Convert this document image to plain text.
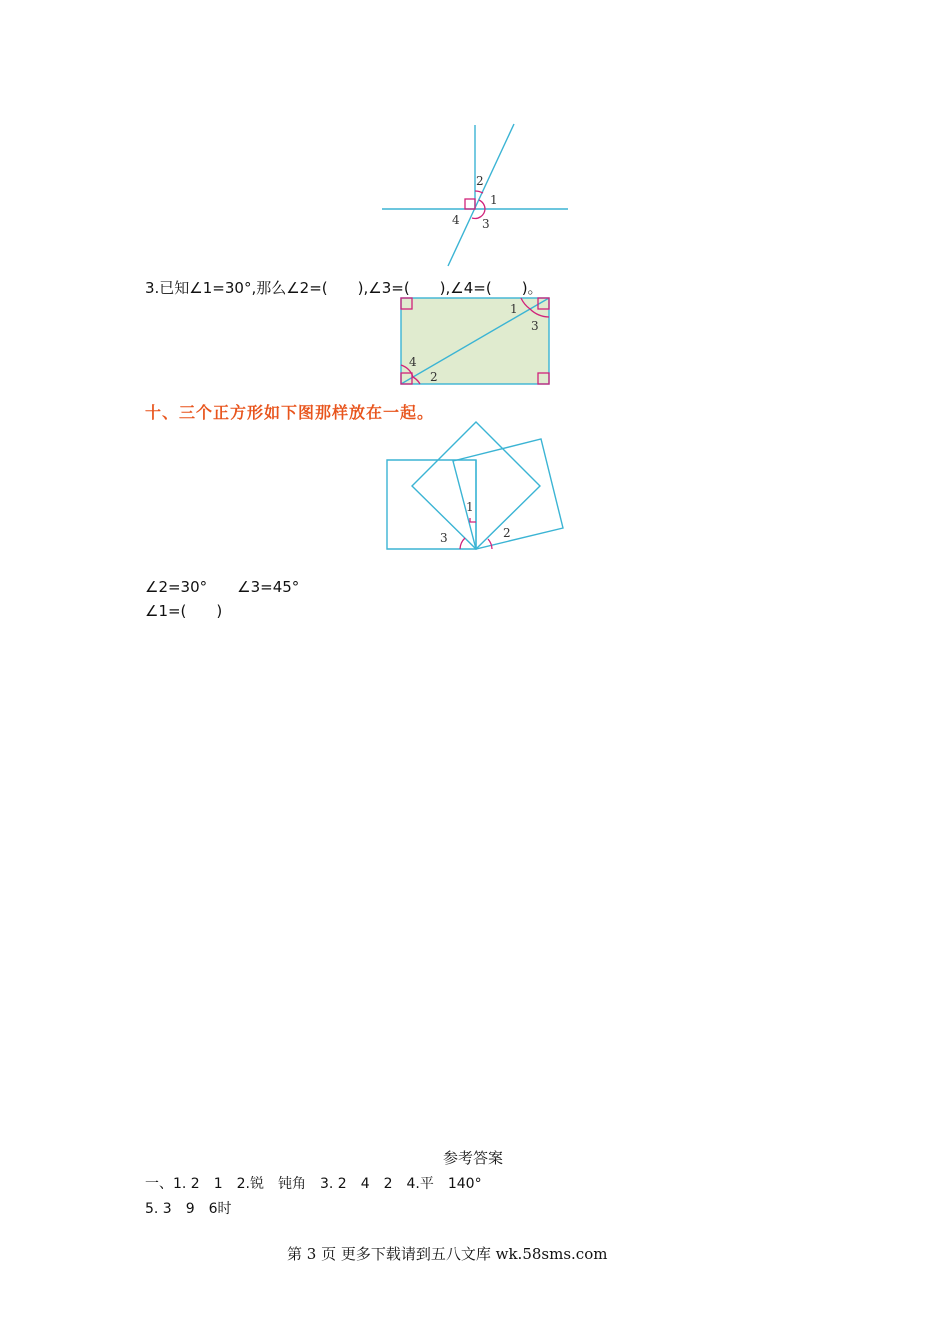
2
1
3
4
3.已知∠1=30°,那么∠2=(　　),∠3=(　　),∠4=(　　)。
1
3
4
2
十、三个正方形如下图那样放在一起。
1
3	2
∠2=30°　　∠3=45°
∠1=(　　)
参考答案
一、1. 2　1　2.锐　钝角　3. 2　4　2　4.平　140°
5. 3　9　6时
第 3 页 更多下载请到五八文库 wk.58sms.com
